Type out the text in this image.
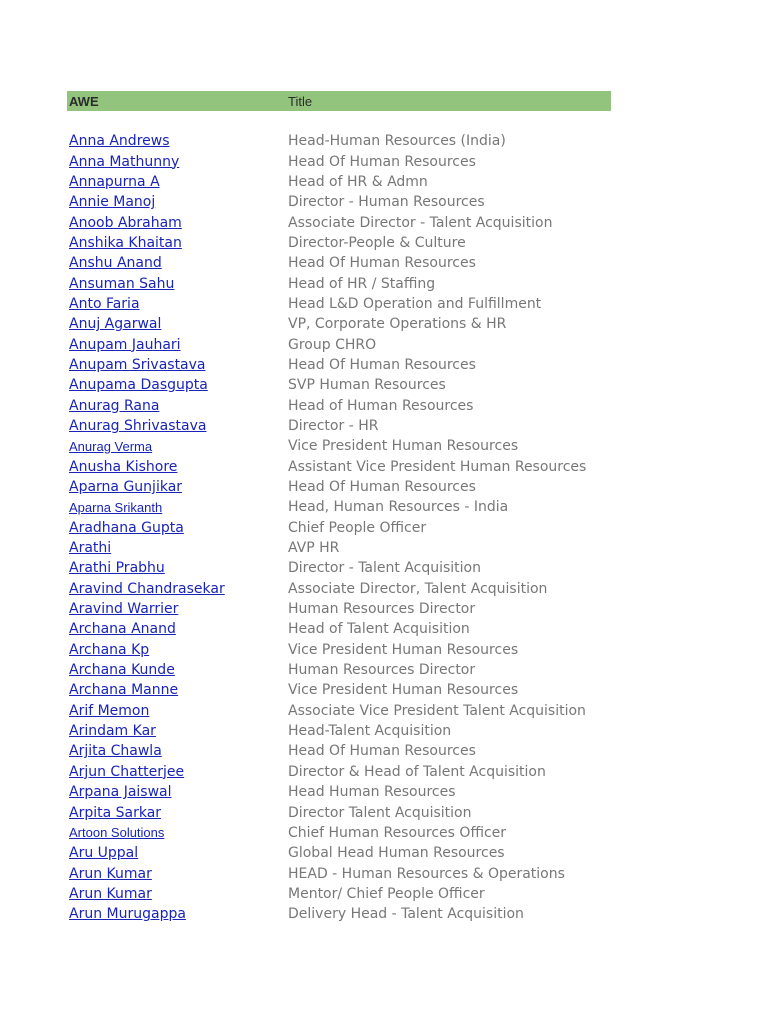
AWE	Title
Anna Andrews	Head-Human Resources (India)
Anna Mathunny	Head Of Human Resources
Annapurna A	Head of HR & Admn
Annie Manoj	Director - Human Resources
Anoob Abraham	Associate Director - Talent Acquisition
Anshika Khaitan	Director-People & Culture
Anshu Anand	Head Of Human Resources
Ansuman Sahu	Head of HR / Staffing
Anto Faria	Head L&D Operation and Fulfillment
Anuj Agarwal	VP, Corporate Operations & HR
Anupam Jauhari	Group CHRO
Anupam Srivastava	Head Of Human Resources
Anupama Dasgupta	SVP Human Resources
Anurag Rana	Head of Human Resources
Anurag Shrivastava	Director - HR
Anurag Verma	Vice President Human Resources
Anusha Kishore	Assistant Vice President Human Resources
Aparna Gunjikar	Head Of Human Resources
Aparna Srikanth	Head, Human Resources - India
Aradhana Gupta	Chief People Officer
Arathi	AVP HR
Arathi Prabhu	Director - Talent Acquisition
Aravind Chandrasekar	Associate Director, Talent Acquisition
Aravind Warrier	Human Resources Director
Archana Anand	Head of Talent Acquisition
Archana Kp	Vice President Human Resources
Archana Kunde	Human Resources Director
Archana Manne	Vice President Human Resources
Arif Memon	Associate Vice President Talent Acquisition
Arindam Kar	Head-Talent Acquisition
Arjita Chawla	Head Of Human Resources
Arjun Chatterjee	Director & Head of Talent Acquisition
Arpana Jaiswal	Head Human Resources
Arpita Sarkar	Director Talent Acquisition
Artoon Solutions	Chief Human Resources Officer
Aru Uppal	Global Head Human Resources
Arun Kumar	HEAD - Human Resources & Operations
Arun Kumar	Mentor/ Chief People Officer
Arun Murugappa	Delivery Head - Talent Acquisition
